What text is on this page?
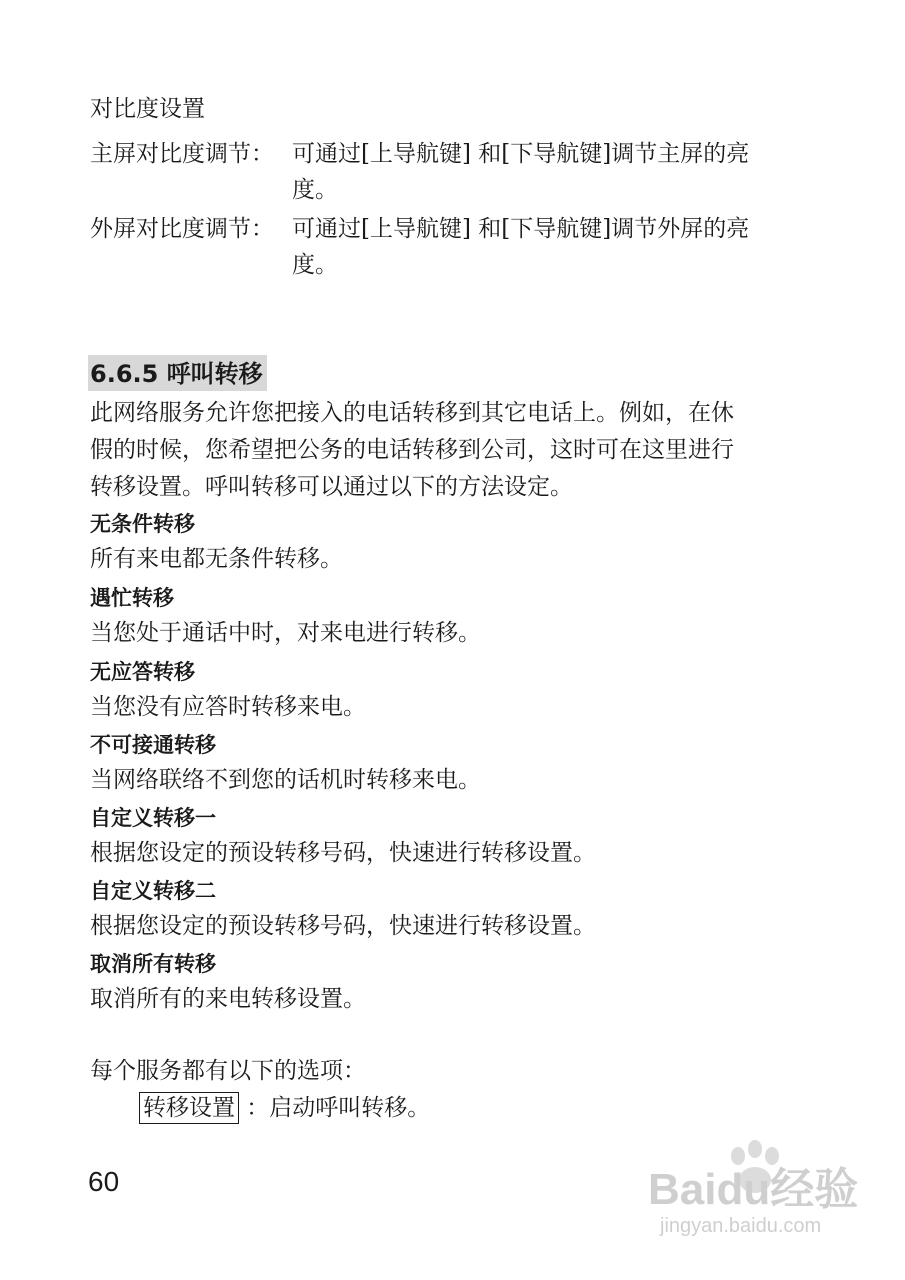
对比度设置
主屏对比度调节： 可通过[上导航键] 和[下导航键]调节主屏的亮
度。
外屏对比度调节： 可通过[上导航键] 和[下导航键]调节外屏的亮
度。
6.6.5 呼叫转移
此网络服务允许您把接入的电话转移到其它电话上。例如，在休
假的时候，您希望把公务的电话转移到公司，这时可在这里进行
转移设置。呼叫转移可以通过以下的方法设定。
无条件转移
所有来电都无条件转移。
遇忙转移
当您处于通话中时，对来电进行转移。
无应答转移
当您没有应答时转移来电。
不可接通转移
当网络联络不到您的话机时转移来电。
自定义转移一
根据您设定的预设转移号码，快速进行转移设置。
自定义转移二
根据您设定的预设转移号码，快速进行转移设置。
取消所有转移
取消所有的来电转移设置。
每个服务都有以下的选项：
转移设置 ：启动呼叫转移。
60	Baidu经验
jingyan.baidu.com
